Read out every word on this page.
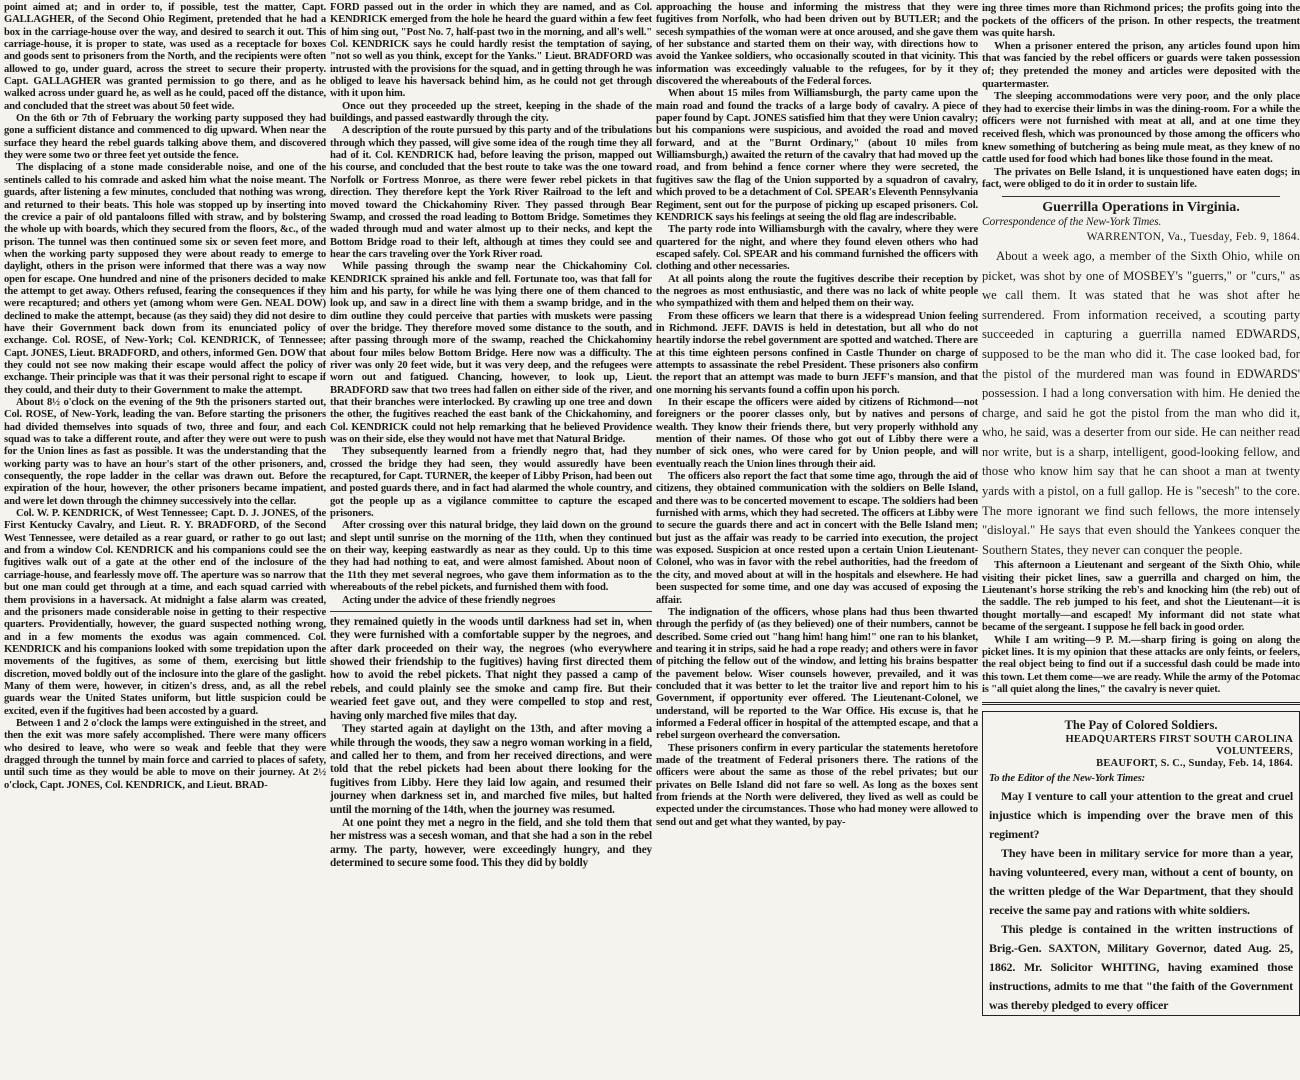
point aimed at; and in order to, if possible, test the matter, Capt. GALLAGHER, of the Second Ohio Regiment, pretended that he had a box in the carriage-house over the way, and desired to search it out. This carriage-house, it is proper to state, was used as a receptacle for boxes and goods sent to prisoners from the North, and the recipients were often allowed to go, under guard, across the street to secure their property. Capt. GALLAGHER was granted permission to go there, and as he walked across under guard he, as well as he could, paced off the distance, and concluded that the street was about 50 feet wide.

On the 6th or 7th of February the working party supposed they had gone a sufficient distance and commenced to dig upward. When near the surface they heard the rebel guards talking above them, and discovered they were some two or three feet yet outside the fence.

The displacing of a stone made considerable noise, and one of the sentinels called to his comrade and asked him what the noise meant. The guards, after listening a few minutes, concluded that nothing was wrong, and returned to their beats. This hole was stopped up by inserting into the crevice a pair of old pantaloons filled with straw, and by bolstering the whole up with boards, which they secured from the floors, &c., of the prison. The tunnel was then continued some six or seven feet more, and when the working party supposed they were about ready to emerge to daylight, others in the prison were informed that there was a way now open for escape. One hundred and nine of the prisoners decided to make the attempt to get away. Others refused, fearing the consequences if they were recaptured; and others yet (among whom were Gen. NEAL DOW) declined to make the attempt, because (as they said) they did not desire to have their Government back down from its enunciated policy of exchange. Col. ROSE, of New-York; Col. KENDRICK, of Tennessee; Capt. JONES, Lieut. BRADFORD, and others, informed Gen. DOW that they could not see now making their escape would affect the policy of exchange. Their principle was that it was their personal right to escape if they could, and their duty to their Government to make the attempt.

About 8½ o'clock on the evening of the 9th the prisoners started out, Col. ROSE, of New-York, leading the van. Before starting the prisoners had divided themselves into squads of two, three and four, and each squad was to take a different route, and after they were out were to push for the Union lines as fast as possible. It was the understanding that the working party was to have an hour's start of the other prisoners, and, consequently, the rope ladder in the cellar was drawn out. Before the expiration of the hour, however, the other prisoners became impatient, and were let down through the chimney successively into the cellar.

Col. W. P. KENDRICK, of West Tennessee; Capt. D. J. JONES, of the First Kentucky Cavalry, and Lieut. R. Y. BRADFORD, of the Second West Tennessee, were detailed as a rear guard, or rather to go out last; and from a window Col. KENDRICK and his companions could see the fugitives walk out of a gate at the other end of the inclosure of the carriage-house, and fearlessly move off. The aperture was so narrow that but one man could get through at a time, and each squad carried with them provisions in a haversack. At midnight a false alarm was created, and the prisoners made considerable noise in getting to their respective quarters. Providentially, however, the guard suspected nothing wrong, and in a few moments the exodus was again commenced. Col. KENDRICK and his companions looked with some trepidation upon the movements of the fugitives, as some of them, exercising but little discretion, moved boldly out of the inclosure into the glare of the gaslight. Many of them were, however, in citizen's dress, and, as all the rebel guards wear the United States uniform, but little suspicion could be excited, even if the fugitives had been accosted by a guard.

Between 1 and 2 o'clock the lamps were extinguished in the street, and then the exit was more safely accomplished. There were many officers who desired to leave, who were so weak and feeble that they were dragged through the tunnel by main force and carried to places of safety, until such time as they would be able to move on their journey. At 2½ o'clock, Capt. JONES, Col. KENDRICK, and Lieut. BRAD-

FORD passed out in the order in which they are named, and as Col. KENDRICK emerged from the hole he heard the guard within a few feet of him sing out, "Post No. 7, half-past two in the morning, and all's well." Col. KENDRICK says he could hardly resist the temptation of saying, "not so well as you think, except for the Yanks." Lieut. BRADFORD was intrusted with the provisions for the squad, and in getting through he was obliged to leave his haversack behind him, as he could not get through with it upon him.

Once out they proceeded up the street, keeping in the shade of the buildings, and passed eastwardly through the city.

A description of the route pursued by this party and of the tribulations through which they passed, will give some idea of the rough time they all had of it. Col. KENDRICK had, before leaving the prison, mapped out his course, and concluded that the best route to take was the one toward Norfolk or Fortress Monroe, as there were fewer rebel pickets in that direction. They therefore kept the York River Railroad to the left and moved toward the Chickahominy River. They passed through Bear Swamp, and crossed the road leading to Bottom Bridge. Sometimes they waded through mud and water almost up to their necks, and kept the Bottom Bridge road to their left, although at times they could see and hear the cars traveling over the York River road.

While passing through the swamp near the Chickahominy Col. KENDRICK sprained his ankle and fell. Fortunate too, was that fall for him and his party, for while he was lying there one of them chanced to look up, and saw in a direct line with them a swamp bridge, and in the dim outline they could perceive that parties with muskets were passing over the bridge. They therefore moved some distance to the south, and after passing through more of the swamp, reached the Chickahominy about four miles below Bottom Bridge. Here now was a difficulty. The river was only 20 feet wide, but it was very deep, and the refugees were worn out and fatigued. Chancing, however, to look up, Lieut. BRADFORD saw that two trees had fallen on either side of the river, and that their branches were interlocked. By crawling up one tree and down the other, the fugitives reached the east bank of the Chickahominy, and Col. KENDRICK could not help remarking that he believed Providence was on their side, else they would not have met that Natural Bridge.

They subsequently learned from a friendly negro that, had they crossed the bridge they had seen, they would assuredly have been recaptured, for Capt. TURNER, the keeper of Libby Prison, had been out and posted guards there, and in fact had alarmed the whole country, and got the people up as a vigilance committee to capture the escaped prisoners.

After crossing over this natural bridge, they laid down on the ground and slept until sunrise on the morning of the 11th, when they continued on their way, keeping eastwardly as near as they could. Up to this time they had had nothing to eat, and were almost famished. About noon of the 11th they met several negroes, who gave them information as to the whereabouts of the rebel pickets, and furnished them with food.

Acting under the advice of these friendly negroes

they remained quietly in the woods until darkness had set in, when they were furnished with a comfortable supper by the negroes, and after dark proceeded on their way, the negroes (who everywhere showed their friendship to the fugitives) having first directed them how to avoid the rebel pickets. That night they passed a camp of rebels, and could plainly see the smoke and camp fire. But their wearied feet gave out, and they were compelled to stop and rest, having only marched five miles that day.

They started again at daylight on the 13th, and after moving a while through the woods, they saw a negro woman working in a field, and called her to them, and from her received directions, and were told that the rebel pickets had been about there looking for the fugitives from Libby. Here they laid low again, and resumed their journey when darkness set in, and marched five miles, but halted until the morning of the 14th, when the journey was resumed.

At one point they met a negro in the field, and she told them that her mistress was a secesh woman, and that she had a son in the rebel army. The party, however, were exceedingly hungry, and they determined to secure some food. This they did by boldly

approaching the house and informing the mistress that they were fugitives from Norfolk, who had been driven out by BUTLER; and the secesh sympathies of the woman were at once aroused, and she gave them of her substance and started them on their way, with directions how to avoid the Yankee soldiers, who occasionally scouted in that vicinity. This information was exceedingly valuable to the refugees, for by it they discovered the whereabouts of the Federal forces.

When about 15 miles from Williamsburgh, the party came upon the main road and found the tracks of a large body of cavalry. A piece of paper found by Capt. JONES satisfied him that they were Union cavalry; but his companions were suspicious, and avoided the road and moved forward, and at the "Burnt Ordinary," (about 10 miles from Williamsburgh,) awaited the return of the cavalry that had moved up the road, and from behind a fence corner where they were secreted, the fugitives saw the flag of the Union supported by a squadron of cavalry, which proved to be a detachment of Col. SPEAR's Eleventh Pennsylvania Regiment, sent out for the purpose of picking up escaped prisoners. Col. KENDRICK says his feelings at seeing the old flag are indescribable.

The party rode into Williamsburgh with the cavalry, where they were quartered for the night, and where they found eleven others who had escaped safely. Col. SPEAR and his command furnished the officers with clothing and other necessaries.

At all points along the route the fugitives describe their reception by the negroes as most enthusiastic, and there was no lack of white people who sympathized with them and helped them on their way.

From these officers we learn that there is a widespread Union feeling in Richmond. JEFF. DAVIS is held in detestation, but all who do not heartily indorse the rebel government are spotted and watched. There are at this time eighteen persons confined in Castle Thunder on charge of attempts to assassinate the rebel President. These prisoners also confirm the report that an attempt was made to burn JEFF's mansion, and that one morning his servants found a coffin upon his porch.

In their escape the officers were aided by citizens of Richmond—not foreigners or the poorer classes only, but by natives and persons of wealth. They know their friends there, but very properly withhold any mention of their names. Of those who got out of Libby there were a number of sick ones, who were cared for by Union people, and will eventually reach the Union lines through their aid.

The officers also report the fact that some time ago, through the aid of citizens, they obtained communication with the soldiers on Belle Island, and there was to be concerted movement to escape. The soldiers had been furnished with arms, which they had secreted. The officers at Libby were to secure the guards there and act in concert with the Belle Island men; but just as the affair was ready to be carried into execution, the project was exposed. Suspicion at once rested upon a certain Union Lieutenant-Colonel, who was in favor with the rebel authorities, had the freedom of the city, and moved about at will in the hospitals and elsewhere. He had been suspected for some time, and one day was accused of exposing the affair.

The indignation of the officers, whose plans had thus been thwarted through the perfidy of (as they believed) one of their numbers, cannot be described. Some cried out "hang him! hang him!" one ran to his blanket, and tearing it in strips, said he had a rope ready; and others were in favor of pitching the fellow out of the window, and letting his brains bespatter the pavement below. Wiser counsels however, prevailed, and it was concluded that it was better to let the traitor live and report him to his Government, if opportunity ever offered. The Lieutenant-Colonel, we understand, will be reported to the War Office. His excuse is, that he informed a Federal officer in hospital of the attempted escape, and that a rebel surgeon overheard the conversation.

These prisoners confirm in every particular the statements heretofore made of the treatment of Federal prisoners there. The rations of the officers were about the same as those of the rebel privates; but our privates on Belle Island did not fare so well. As long as the boxes sent from friends at the North were delivered, they lived as well as could be expected under the circumstances. Those who had money were allowed to send out and get what they wanted, by pay-

ing three times more than Richmond prices; the profits going into the pockets of the officers of the prison. In other respects, the treatment was quite harsh.

When a prisoner entered the prison, any articles found upon him that was fancied by the rebel officers or guards were taken possession of; they pretended the money and articles were deposited with the quartermaster.

The sleeping accommodations were very poor, and the only place they had to exercise their limbs in was the dining-room. For a while the officers were not furnished with meat at all, and at one time they received flesh, which was pronounced by those among the officers who knew something of butchering as being mule meat, as they knew of no cattle used for food which had bones like those found in the meat.

The privates on Belle Island, it is unquestioned have eaten dogs; in fact, were obliged to do it in order to sustain life.

Guerrilla Operations in Virginia.
Correspondence of the New-York Times.
WARRENTON, Va., Tuesday, Feb. 9, 1864.

About a week ago, a member of the Sixth Ohio, while on picket, was shot by one of MOSBEY's "guerrs," or "curs," as we call them. It was stated that he was shot after he surrendered. From information received, a scouting party succeeded in capturing a guerrilla named EDWARDS, supposed to be the man who did it. The case looked bad, for the pistol of the murdered man was found in EDWARDS' possession. I had a long conversation with him. He denied the charge, and said he got the pistol from the man who did it, who, he said, was a deserter from our side. He can neither read nor write, but is a sharp, intelligent, good-looking fellow, and those who know him say that he can shoot a man at twenty yards with a pistol, on a full gallop. He is "secesh" to the core. The more ignorant we find such fellows, the more intensely "disloyal." He says that even should the Yankees conquer the Southern States, they never can conquer the people.

This afternoon a Lieutenant and sergeant of the Sixth Ohio, while visiting their picket lines, saw a guerrilla and charged on him, the Lieutenant's horse striking the reb's and knocking him (the reb) out of the saddle. The reb jumped to his feet, and shot the Lieutenant—it is thought mortally—and escaped! My informant did not state what became of the sergeant. I suppose he fell back in good order.

While I am writing—9 P. M.—sharp firing is going on along the picket lines. It is my opinion that these attacks are only feints, or feelers, the real object being to find out if a successful dash could be made into this town. Let them come—we are ready. While the army of the Potomac is "all quiet along the lines," the cavalry is never quiet.

The Pay of Colored Soldiers.
HEADQUARTERS FIRST SOUTH CAROLINA VOLUNTEERS,
BEAUFORT, S. C., Sunday, Feb. 14, 1864.
To the Editor of the New-York Times:

May I venture to call your attention to the great and cruel injustice which is impending over the brave men of this regiment?

They have been in military service for more than a year, having volunteered, every man, without a cent of bounty, on the written pledge of the War Department, that they should receive the same pay and rations with white soldiers.

This pledge is contained in the written instructions of Brig.-Gen. SAXTON, Military Governor, dated Aug. 25, 1862. Mr. Solicitor WHITING, having examined those instructions, admits to me that "the faith of the Government was thereby pledged to every officer
